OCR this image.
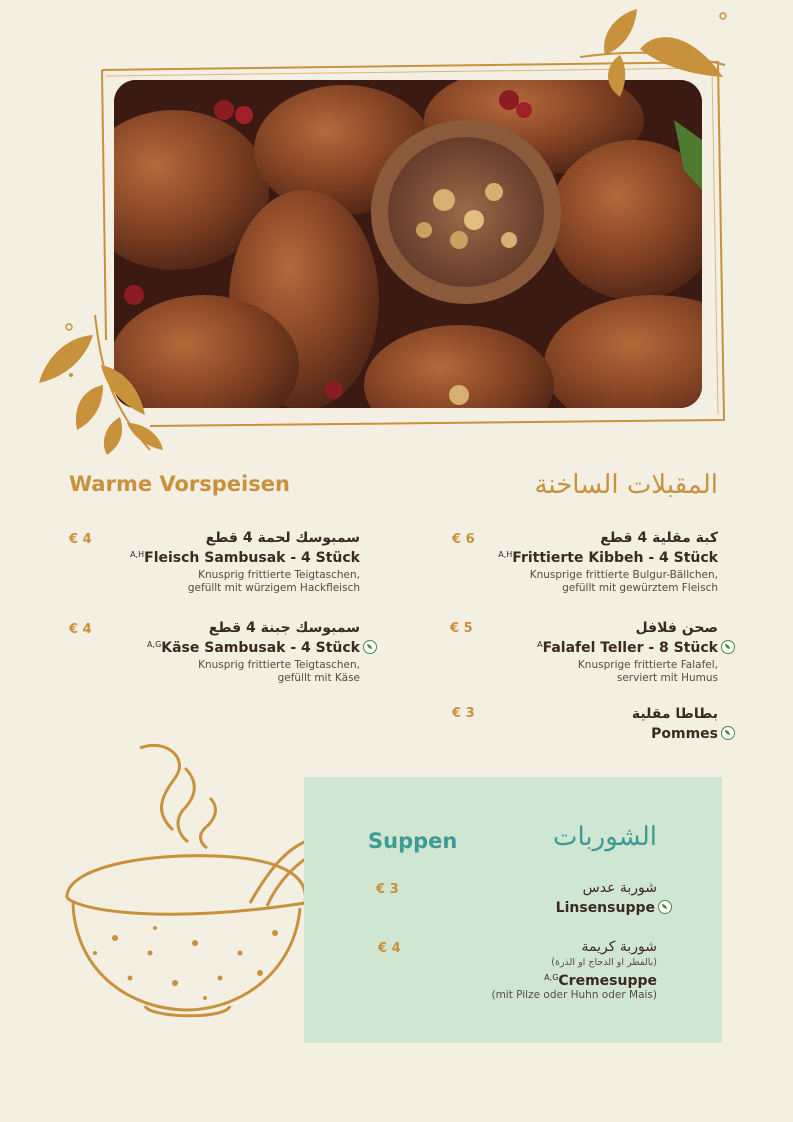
Warme Vorspeisen	المقبلات الساخنة
€ 4	سمبوسك لحمة 4 قطع
$^{A,H}$Fleisch Sambusak - 4 Stück
Knusprig frittierte Teigtaschen,
gefüllt mit würzigem Hackfleisch
€ 4	سمبوسك جبنة 4 قطع
$^{A,G}$Käse Sambusak - 4 Stück
Knusprig frittierte Teigtaschen,
gefüllt mit Käse
€ 6	كبة مقلية 4 قطع
$^{A,H}$Frittierte Kibbeh - 4 Stück
Knusprige frittierte Bulgur-Bällchen,
gefüllt mit gewürztem Fleisch
€ 5	صحن فلافل
$^A$Falafel Teller - 8 Stück
Knusprige frittierte Falafel,
serviert mit Humus
€ 3	بطاطا مقلية
Pommes
Suppen	الشوربات
€ 3	شوربة عدس
Linsensuppe
€ 4	شوربة كريمة
(بالفطر او الدجاج او الذرة)
$^{A,G}$Cremesuppe
(mit Pilze oder Huhn oder Mais)
